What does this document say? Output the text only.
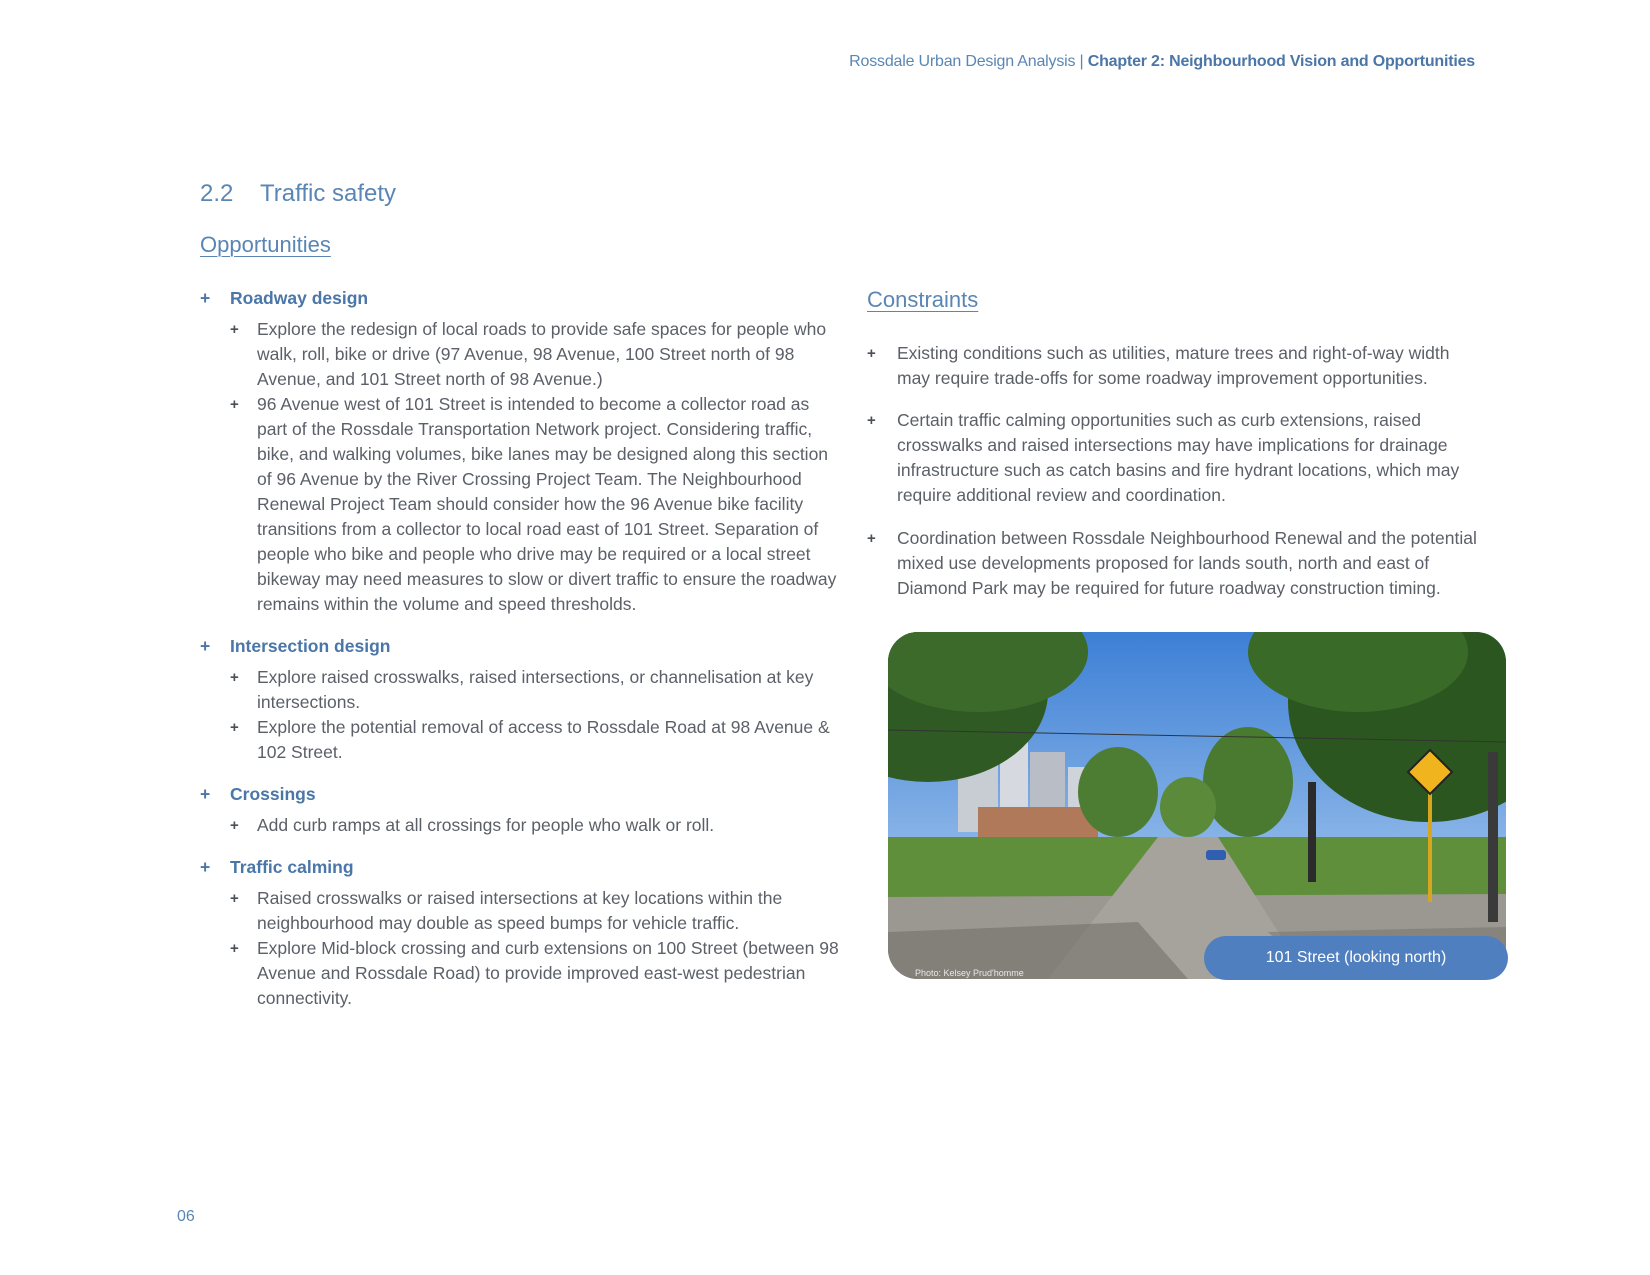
Rossdale Urban Design Analysis | Chapter 2: Neighbourhood Vision and Opportunities
2.2 Traffic safety
Opportunities
+ Roadway design

+ Explore the redesign of local roads to provide safe spaces for people who walk, roll, bike or drive (97 Avenue, 98 Avenue, 100 Street north of 98 Avenue, and 101 Street north of 98 Avenue.)

+ 96 Avenue west of 101 Street is intended to become a collector road as part of the Rossdale Transportation Network project. Considering traffic, bike, and walking volumes, bike lanes may be designed along this section of 96 Avenue by the River Crossing Project Team. The Neighbourhood Renewal Project Team should consider how the 96 Avenue bike facility transitions from a collector to local road east of 101 Street. Separation of people who bike and people who drive may be required or a local street bikeway may need measures to slow or divert traffic to ensure the roadway remains within the volume and speed thresholds.

+ Intersection design

+ Explore raised crosswalks, raised intersections, or channelisation at key intersections.

+ Explore the potential removal of access to Rossdale Road at 98 Avenue & 102 Street.

+ Crossings

+ Add curb ramps at all crossings for people who walk or roll.

+ Traffic calming

+ Raised crosswalks or raised intersections at key locations within the neighbourhood may double as speed bumps for vehicle traffic.

+ Explore Mid-block crossing and curb extensions on 100 Street (between 98 Avenue and Rossdale Road) to provide improved east-west pedestrian connectivity.

Constraints

+ Existing conditions such as utilities, mature trees and right-of-way width may require trade-offs for some roadway improvement opportunities.

+ Certain traffic calming opportunities such as curb extensions, raised crosswalks and raised intersections may have implications for drainage infrastructure such as catch basins and fire hydrant locations, which may require additional review and coordination.

+ Coordination between Rossdale Neighbourhood Renewal and the potential mixed use developments proposed for lands south, north and east of Diamond Park may be required for future roadway construction timing.

Photo: Kelsey Prud'homme
101 Street (looking north)
06
